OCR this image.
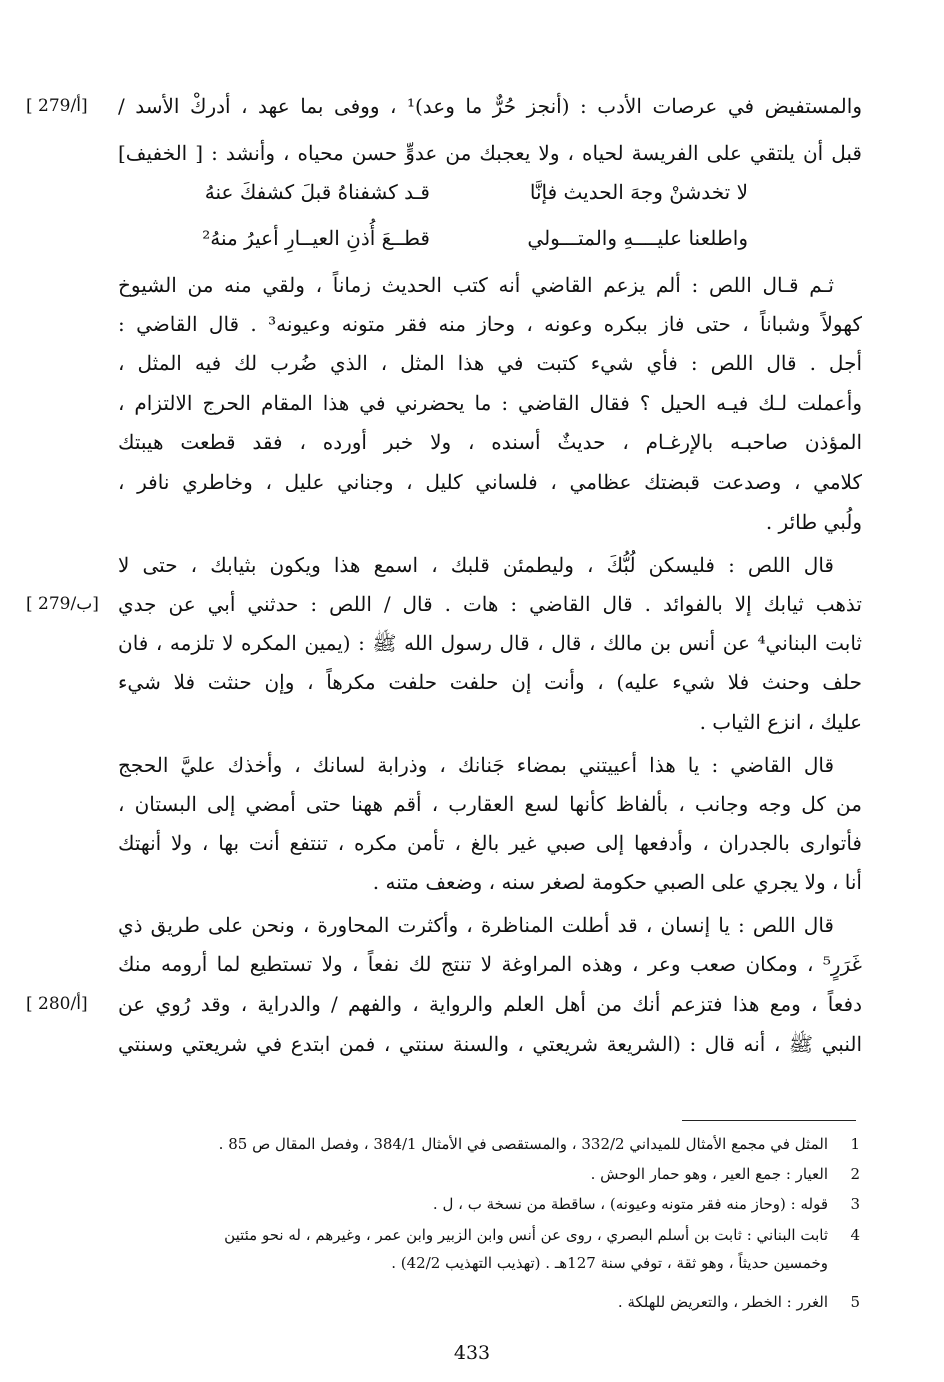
والمستفيض في عرصات الأدب : (أنجز حُرٌّ ما وعد)¹ ، ووفى بما عهد ، أدركْ الأسد /
قبل أن يلتقي على الفريسة لحياه ، ولا يعجبك من عدوٍّ حسن محياه ، وأنشد : [ الخفيف]
لا تخدشنْ وجهَ الحديث فإنَّا
قـد كشفناهُ قبلَ كشفكَ عنهُ
واطلعنا عليــــهِ والمتـــولي
قطــعَ أُذنِ العيــارِ أعيرُ منهُ²
ثـم قـال اللص : ألم يزعم القاضي أنه كتب الحديث زماناً ، ولقي منه من الشيوخ
كهولاً وشباناً ، حتى فاز ببكره وعونه ، وحاز منه فقر متونه وعيونه³ . قال القاضي :
أجل . قال اللص : فأي شيء كتبت في هذا المثل ، الذي ضُرب لك فيه المثل ،
وأعملت لـك فيـه الحيل ؟ فقال القاضي : ما يحضرني في هذا المقام الحرج الالتزام ،
المؤذن صاحبـه بالإرغـام ، حديثٌ أسنده ، ولا خبر أورده ، فقد قطعت هيبتك
كلامي ، وصدعت قبضتك عظامي ، فلساني كليل ، وجناني عليل ، وخاطري نافر ،
ولُبي طائر .
قال اللص : فليسكن لُبُّكَ ، وليطمئن قلبك ، اسمع هذا ويكون بثيابك ، حتى لا
تذهب ثيابك إلا بالفوائد . قال القاضي : هات . قال / اللص : حدثني أبي عن جدي
ثابت البناني⁴ عن أنس بن مالك ، قال ، قال رسول الله ﷺ : (يمين المكره لا تلزمه ، فان
حلف وحنث فلا شيء عليه) ، وأنت إن حلفت حلفت مكرهاً ، وإن حنثت فلا شيء
عليك ، انزع الثياب .
قال القاضي : يا هذا أعييتني بمضاء جَنانك ، وذرابة لسانك ، وأخذك عليَّ الحجج
من كل وجه وجانب ، بألفاظ كأنها لسع العقارب ، أقم ههنا حتى أمضي إلى البستان ،
فأتوارى بالجدران ، وأدفعها إلى صبي غير بالغ ، تأمن مكره ، تنتفع أنت بها ، ولا أنهتك
أنا ، ولا يجري على الصبي حكومة لصغر سنه ، وضعف متنه .
قال اللص : يا إنسان ، قد أطلت المناظرة ، وأكثرت المحاورة ، ونحن على طريق ذي
غَرَرٍ⁵ ، ومكان صعب وعر ، وهذه المراوغة لا تنتج لك نفعاً ، ولا تستطيع لما أرومه منك
دفعاً ، ومع هذا فتزعم أنك من أهل العلم والرواية ، والفهم / والدراية ، وقد رُوي عن
النبي ﷺ ، أنه قال : (الشريعة شريعتي ، والسنة سنتي ، فمن ابتدع في شريعتي وسنتي
[ 279/أ]
[ 279/ب]
[ 280/أ]
1المثل في مجمع الأمثال للميداني 332/2 ، والمستقصى في الأمثال 384/1 ، وفصل المقال ص 85 .
2العيار : جمع العير ، وهو حمار الوحش .
3قوله : (وحاز منه فقر متونه وعيونه) ، ساقطة من نسخة ب ، ل .
4ثابت البناني : ثابت بن أسلم البصري ، روى عن أنس وابن الزبير وابن عمر ، وغيرهم ، له نحو مئتين
وخمسين حديثاً ، وهو ثقة ، توفي سنة 127هـ . (تهذيب التهذيب 42/2) .
5الغرر : الخطر ، والتعريض للهلكة .
433
